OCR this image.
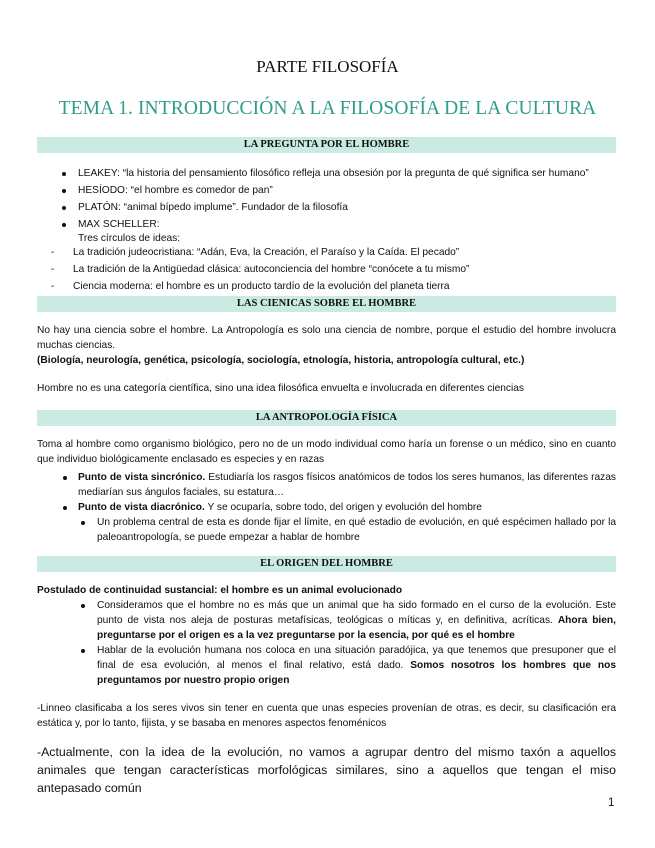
PARTE FILOSOFÍA
TEMA 1. INTRODUCCIÓN A LA FILOSOFÍA DE LA CULTURA
LA PREGUNTA POR EL HOMBRE
LEAKEY: “la historia del pensamiento filosófico refleja una obsesión por la pregunta de qué significa ser humano”
HESÍODO: “el hombre es comedor de pan”
PLATÓN: “animal bípedo implume”. Fundador de la filosofía
MAX SCHELLER:
Tres círculos de ideas:
- La tradición judeocristiana: “Adán, Eva, la Creación, el Paraíso y la Caída. El pecado”
- La tradición de la Antigüedad clásica: autoconciencia del hombre “conócete a tu mismo”
- Ciencia moderna: el hombre es un producto tardío de la evolución del planeta tierra
LAS CIENICAS SOBRE EL HOMBRE
No hay una ciencia sobre el hombre. La Antropología es solo una ciencia de nombre, porque el estudio del hombre involucra muchas ciencias.
(Biología, neurología, genética, psicología, sociología, etnología, historia, antropología cultural, etc.)
Hombre no es una categoría científica, sino una idea filosófica envuelta e involucrada en diferentes ciencias
LA ANTROPOLOGÍA FÍSICA
Toma al hombre como organismo biológico, pero no de un modo individual como haría un forense o un médico, sino en cuanto que individuo biológicamente enclasado es especies y en razas
Punto de vista sincrónico. Estudiaría los rasgos físicos anatómicos de todos los seres humanos, las diferentes razas mediarían sus ángulos faciales, su estatura…
Punto de vista diacrónico. Y se ocuparía, sobre todo, del origen y evolución del hombre
Un problema central de esta es donde fijar el límite, en qué estadio de evolución, en qué espécimen hallado por la paleoantropología, se puede empezar a hablar de hombre
EL ORIGEN DEL HOMBRE
Postulado de continuidad sustancial: el hombre es un animal evolucionado
Consideramos que el hombre no es más que un animal que ha sido formado en el curso de la evolución. Este punto de vista nos aleja de posturas metafísicas, teológicas o míticas y, en definitiva, acríticas. Ahora bien, preguntarse por el origen es a la vez preguntarse por la esencia, por qué es el hombre
Hablar de la evolución humana nos coloca en una situación paradójica, ya que tenemos que presuponer que el final de esa evolución, al menos el final relativo, está dado. Somos nosotros los hombres que nos preguntamos por nuestro propio origen
-Linneo clasificaba a los seres vivos sin tener en cuenta que unas especies provenían de otras, es decir, su clasificación era estática y, por lo tanto, fijista, y se basaba en menores aspectos fenoménicos
-Actualmente, con la idea de la evolución, no vamos a agrupar dentro del mismo taxón a aquellos animales que tengan características morfológicas similares, sino a aquellos que tengan el miso antepasado común
1
